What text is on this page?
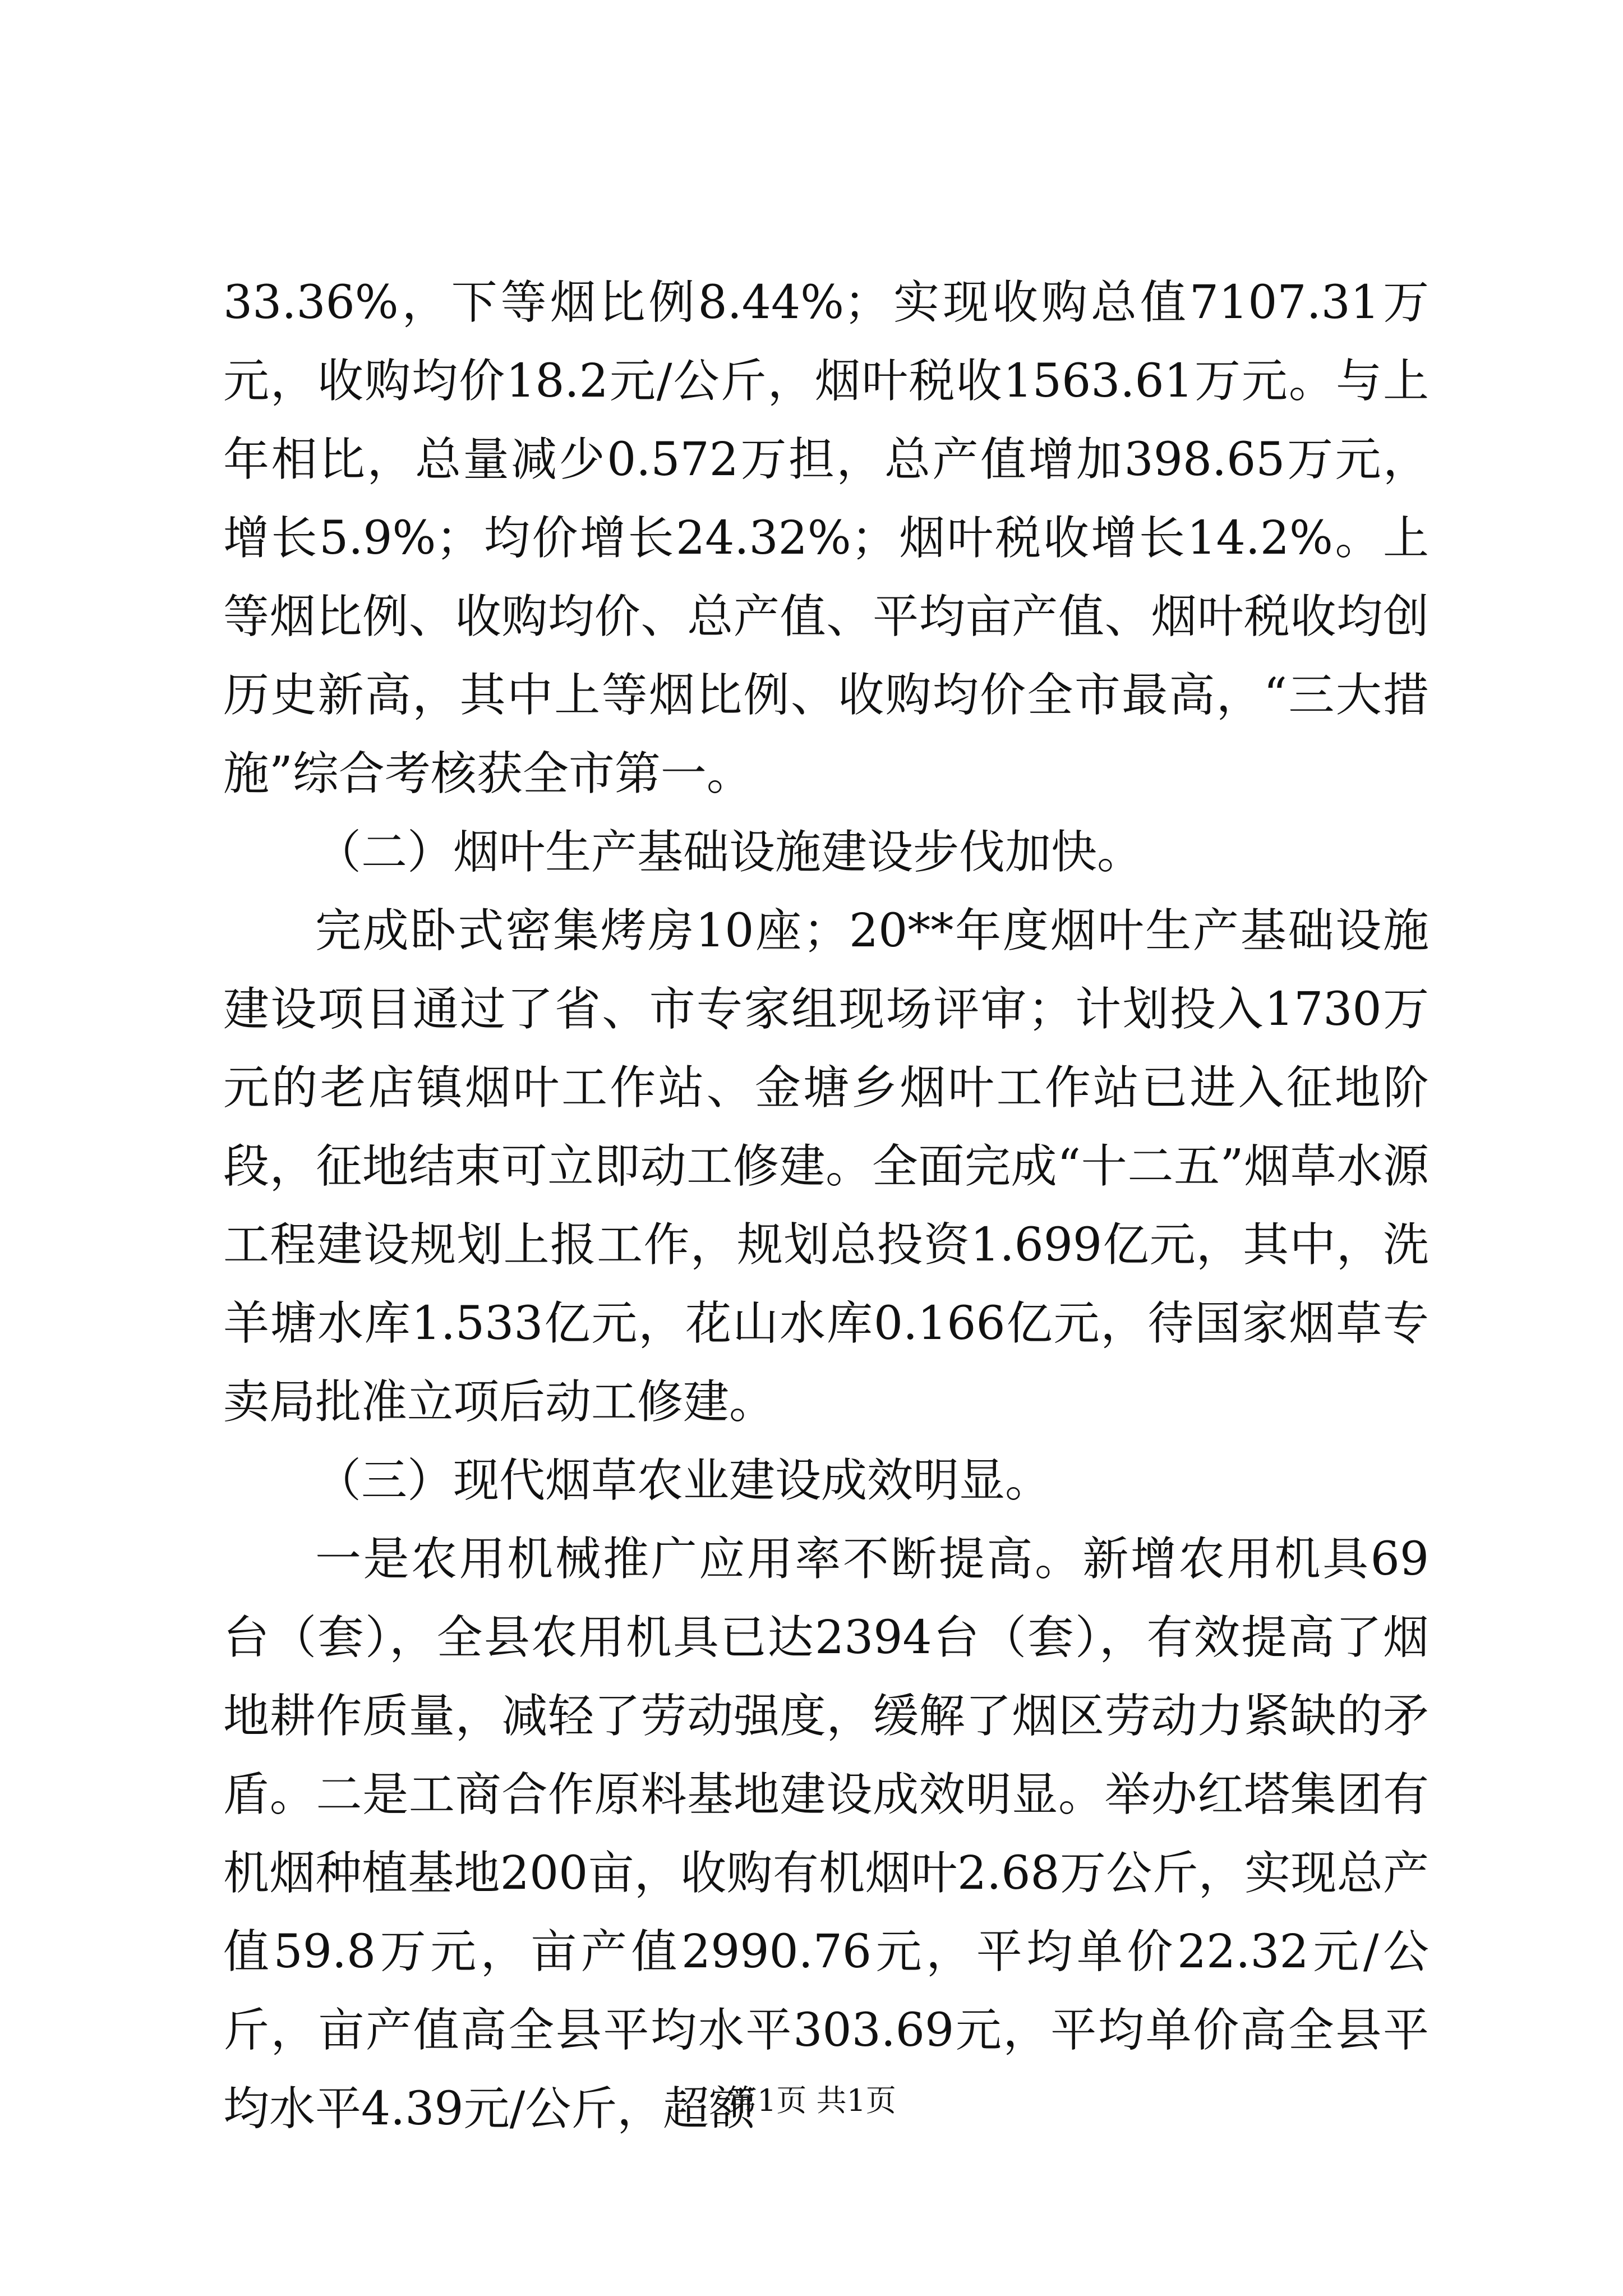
33.36%，下等烟比例8.44%；实现收购总值7107.31万元，收购均价18.2元/公斤，烟叶税收1563.61万元。与上年相比，总量减少0.572万担，总产值增加398.65万元，增长5.9%；均价增长24.32%；烟叶税收增长14.2%。上等烟比例、收购均价、总产值、平均亩产值、烟叶税收均创历史新高，其中上等烟比例、收购均价全市最高，“三大措施”综合考核获全市第一。

（二）烟叶生产基础设施建设步伐加快。

完成卧式密集烤房10座；20**年度烟叶生产基础设施建设项目通过了省、市专家组现场评审；计划投入1730万元的老店镇烟叶工作站、金塘乡烟叶工作站已进入征地阶段，征地结束可立即动工修建。全面完成“十二五”烟草水源工程建设规划上报工作，规划总投资1.699亿元，其中，洗羊塘水库1.533亿元，花山水库0.166亿元，待国家烟草专卖局批准立项后动工修建。

（三）现代烟草农业建设成效明显。

一是农用机械推广应用率不断提高。新增农用机具69台（套），全县农用机具已达2394台（套），有效提高了烟地耕作质量，减轻了劳动强度，缓解了烟区劳动力紧缺的矛盾。二是工商合作原料基地建设成效明显。举办红塔集团有机烟种植基地200亩，收购有机烟叶2.68万公斤，实现总产值59.8万元，亩产值2990.76元，平均单价22.32元/公斤，亩产值高全县平均水平303.69元，平均单价高全县平均水平4.39元/公斤，超额

第1页 共1页
